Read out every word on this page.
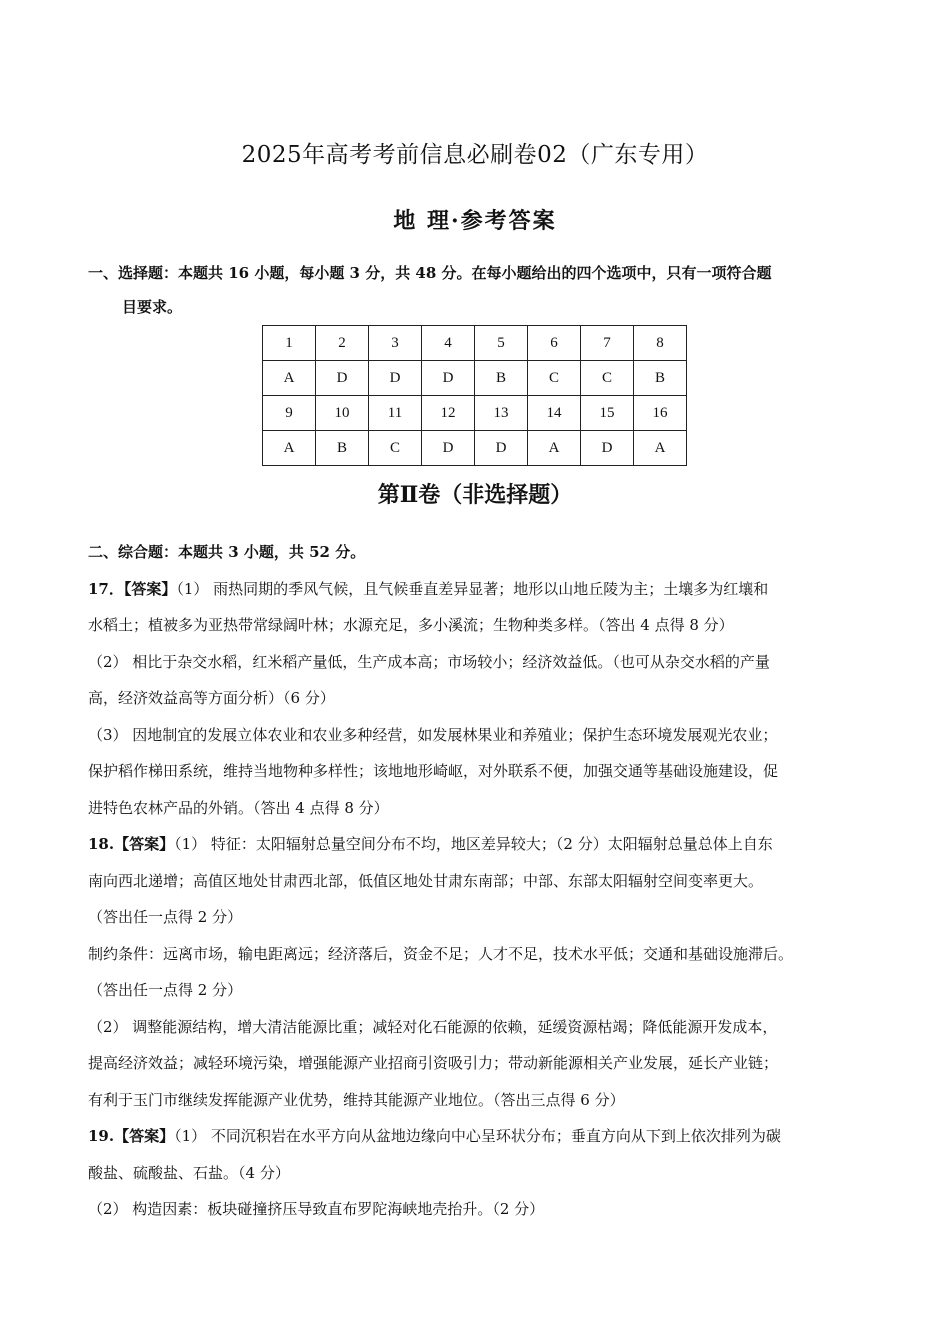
2025年高考考前信息必刷卷02（广东专用）
地 理·参考答案
一、选择题：本题共 16 小题，每小题 3 分，共 48 分。在每小题给出的四个选项中，只有一项符合题
目要求。
1	2	3	4	5	6	7	8
A	D	D	D	B	C	C	B
9	10	11	12	13	14	15	16
A	B	C	D	D	A	D	A
第Ⅱ卷（非选择题）
二、综合题：本题共 3 小题，共 52 分。
17．【答案】（1） 雨热同期的季风气候，且气候垂直差异显著；地形以山地丘陵为主；土壤多为红壤和
水稻土；植被多为亚热带常绿阔叶林；水源充足，多小溪流；生物种类多样。（答出 4 点得 8 分）
（2） 相比于杂交水稻，红米稻产量低，生产成本高；市场较小；经济效益低。（也可从杂交水稻的产量
高，经济效益高等方面分析）（6 分）
（3） 因地制宜的发展立体农业和农业多种经营，如发展林果业和养殖业；保护生态环境发展观光农业；
保护稻作梯田系统，维持当地物种多样性；该地地形崎岖，对外联系不便，加强交通等基础设施建设，促
进特色农林产品的外销。（答出 4 点得 8 分）
18.【答案】（1） 特征：太阳辐射总量空间分布不均，地区差异较大；（2 分）太阳辐射总量总体上自东
南向西北递增；高值区地处甘肃西北部，低值区地处甘肃东南部；中部、东部太阳辐射空间变率更大。
（答出任一点得 2 分）
制约条件：远离市场，输电距离远；经济落后，资金不足；人才不足，技术水平低；交通和基础设施滞后。
（答出任一点得 2 分）
（2） 调整能源结构，增大清洁能源比重；减轻对化石能源的依赖，延缓资源枯竭；降低能源开发成本，
提高经济效益；减轻环境污染，增强能源产业招商引资吸引力；带动新能源相关产业发展，延长产业链；
有利于玉门市继续发挥能源产业优势，维持其能源产业地位。（答出三点得 6 分）
19.【答案】（1） 不同沉积岩在水平方向从盆地边缘向中心呈环状分布；垂直方向从下到上依次排列为碳
酸盐、硫酸盐、石盐。（4 分）
（2） 构造因素：板块碰撞挤压导致直布罗陀海峡地壳抬升。（2 分）
